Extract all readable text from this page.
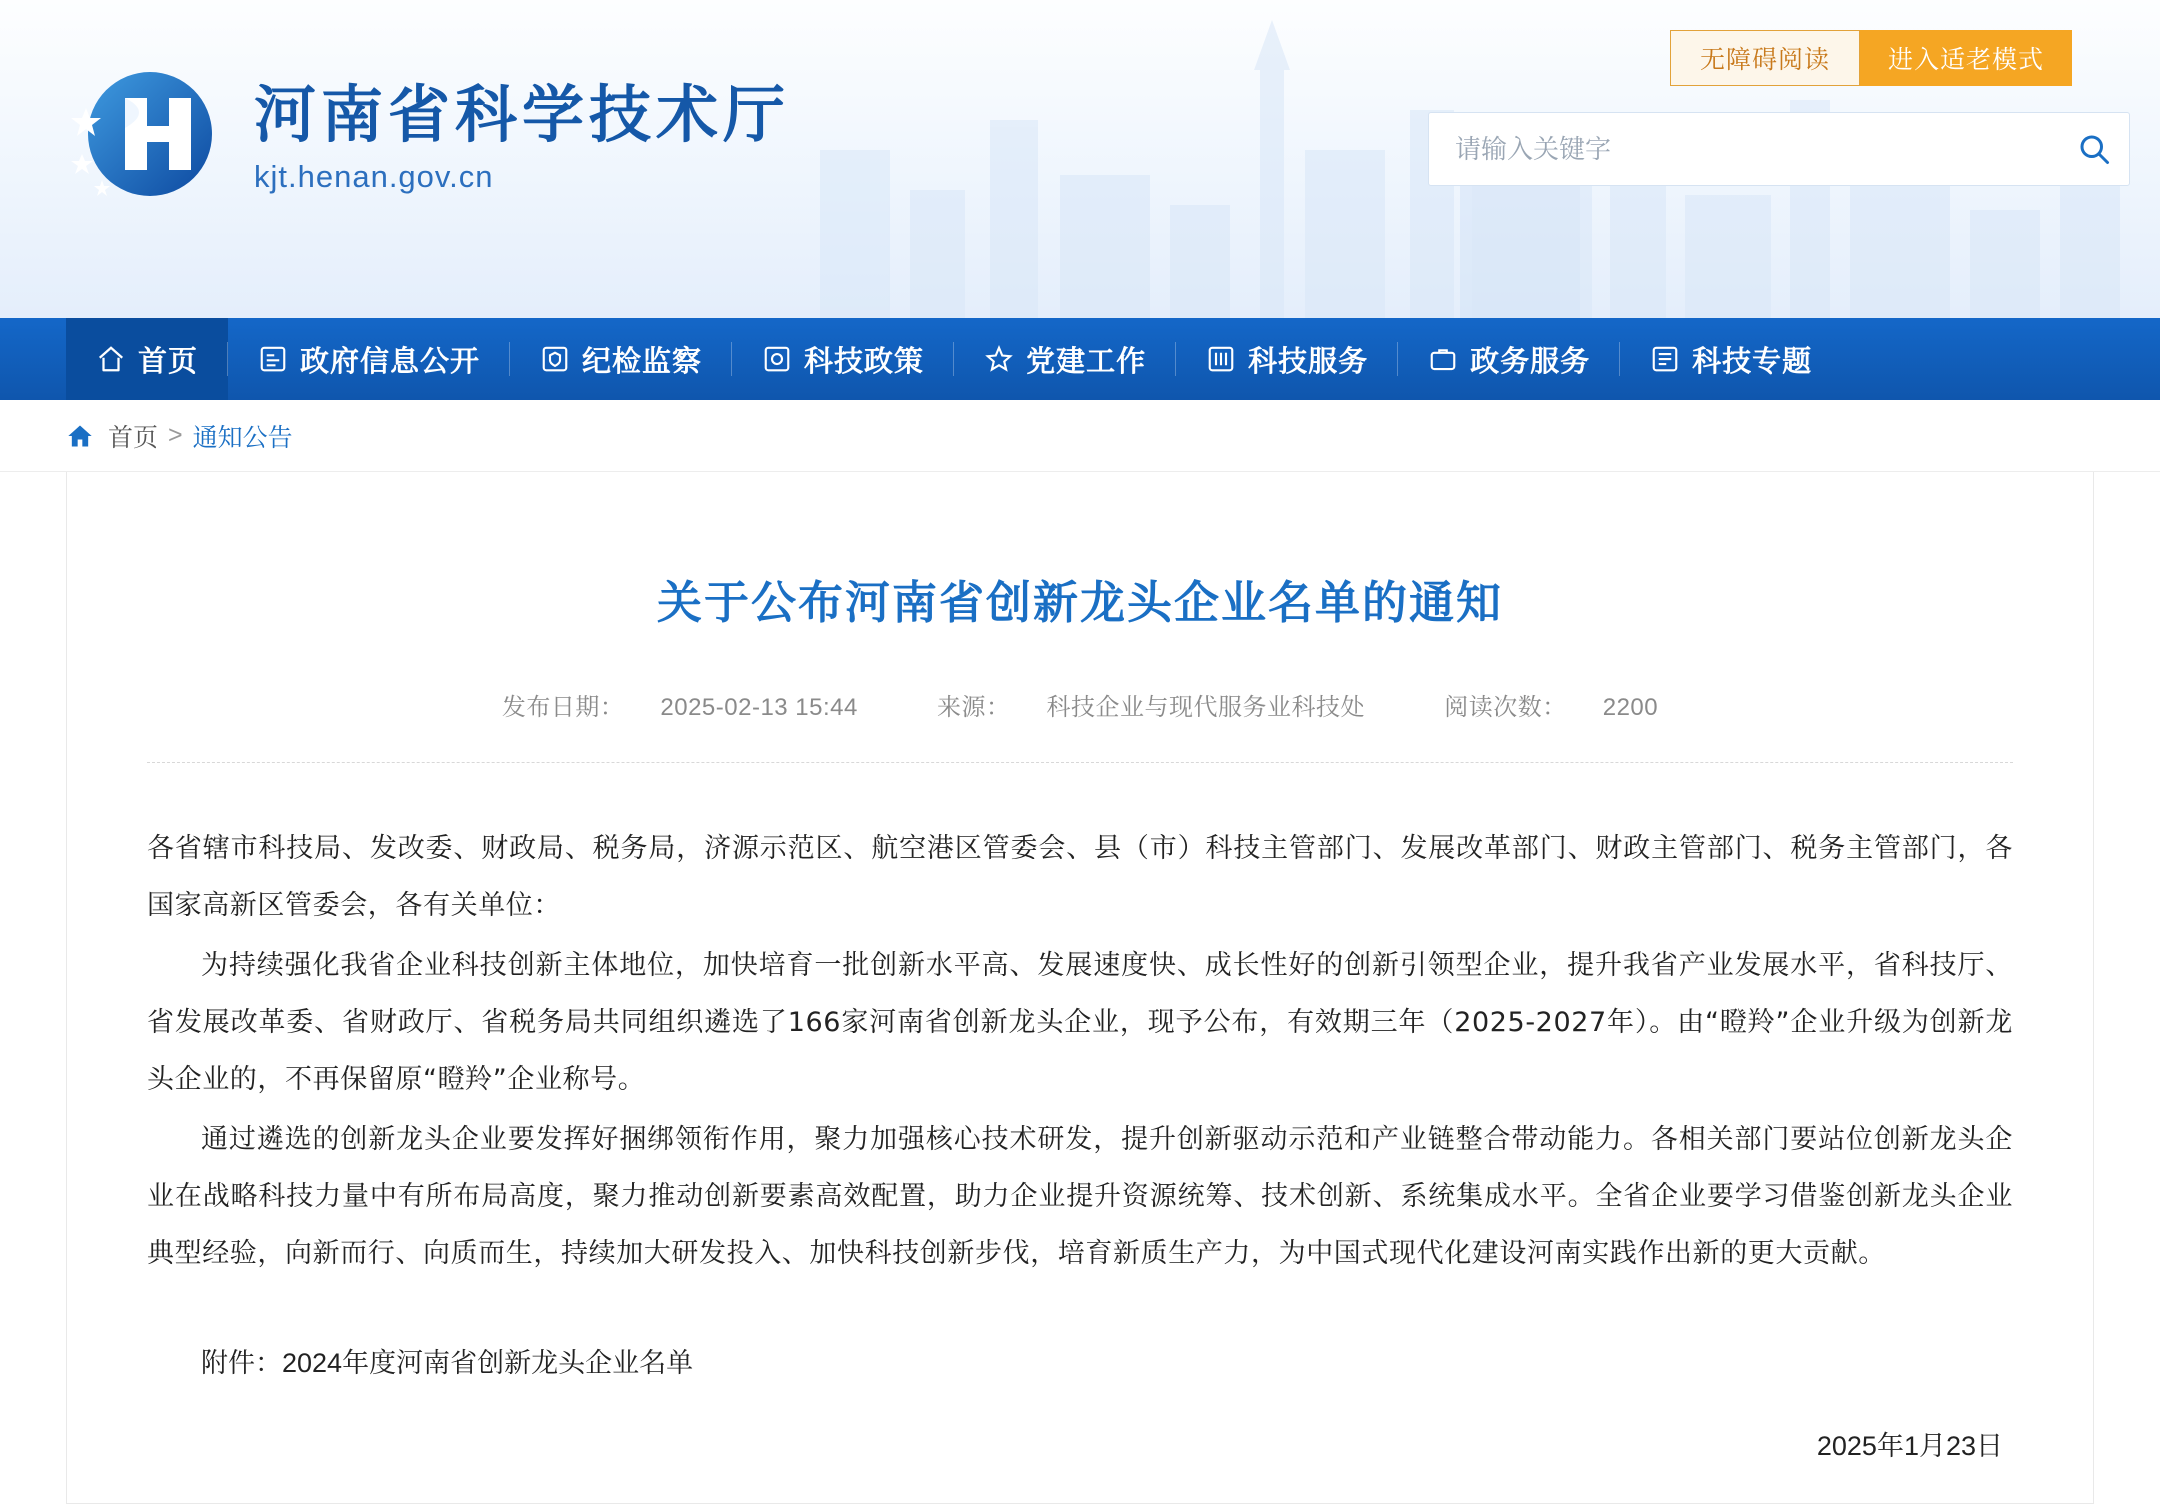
无障碍阅读	进入适老模式
河南省科学技术厅
kjt.henan.gov.cn
请输入关键字
首页	政府信息公开	纪检监察	科技政策	党建工作	科技服务	政务服务	科技专题
首页 > 通知公告
关于公布河南省创新龙头企业名单的通知
发布日期： 2025-02-13 15:44	来源： 科技企业与现代服务业科技处	阅读次数： 2200

各省辖市科技局、发改委、财政局、税务局，济源示范区、航空港区管委会、县（市）科技主管部门、发展改革部门、财政主管部门、税务主管部门，各国家高新区管委会，各有关单位：

为持续强化我省企业科技创新主体地位，加快培育一批创新水平高、发展速度快、成长性好的创新引领型企业，提升我省产业发展水平，省科技厅、省发展改革委、省财政厅、省税务局共同组织遴选了166家河南省创新龙头企业，现予公布，有效期三年（2025-2027年）。由“瞪羚”企业升级为创新龙头企业的，不再保留原“瞪羚”企业称号。

通过遴选的创新龙头企业要发挥好捆绑领衔作用，聚力加强核心技术研发，提升创新驱动示范和产业链整合带动能力。各相关部门要站位创新龙头企业在战略科技力量中有所布局高度，聚力推动创新要素高效配置，助力企业提升资源统筹、技术创新、系统集成水平。全省企业要学习借鉴创新龙头企业典型经验，向新而行、向质而生，持续加大研发投入、加快科技创新步伐，培育新质生产力，为中国式现代化建设河南实践作出新的更大贡献。

附件：2024年度河南省创新龙头企业名单
2025年1月23日
